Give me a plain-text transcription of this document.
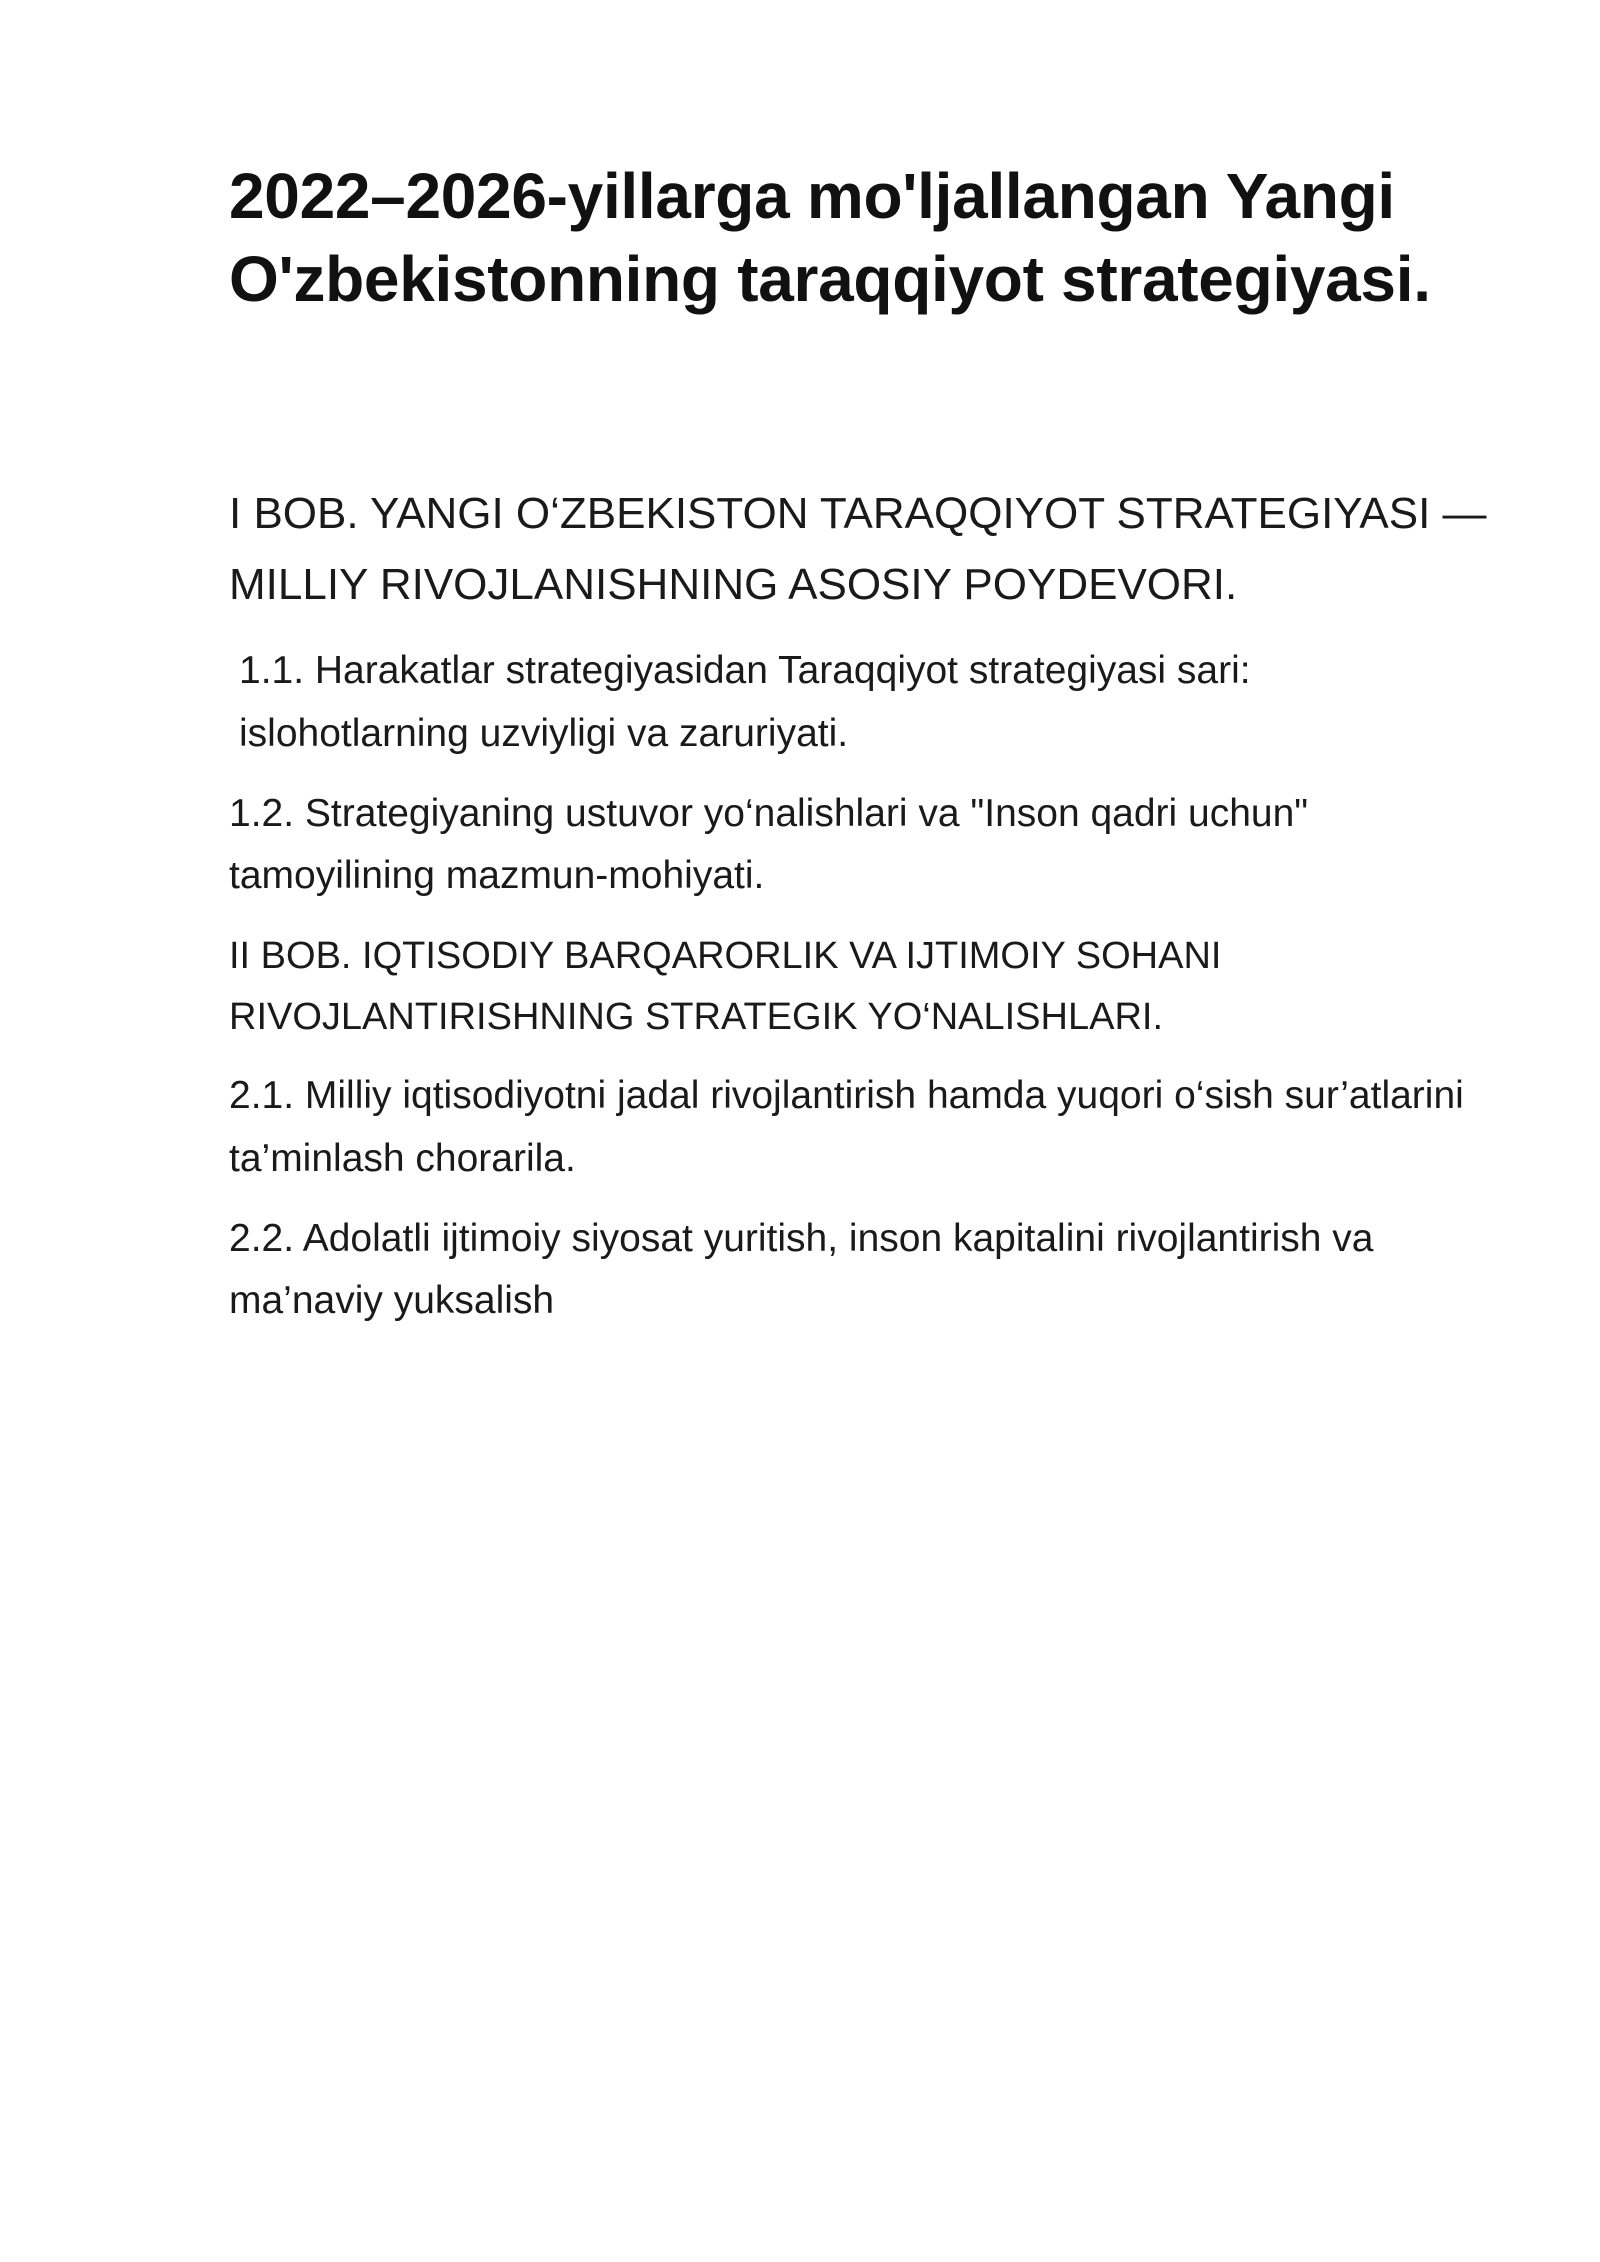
2022–2026-yillarga mo'ljallangan Yangi O'zbekistonning taraqqiyot strategiyasi.

I BOB. YANGI O‘ZBEKISTON TARAQQIYOT STRATEGIYASI — MILLIY RIVOJLANISHNING ASOSIY POYDEVORI.

1.1. Harakatlar strategiyasidan Taraqqiyot strategiyasi sari: islohotlarning uzviyligi va zaruriyati.

1.2. Strategiyaning ustuvor yo‘nalishlari va "Inson qadri uchun" tamoyilining mazmun-mohiyati.

II BOB. IQTISODIY BARQARORLIK VA IJTIMOIY SOHANI RIVOJLANTIRISHNING STRATEGIK YO‘NALISHLARI.

2.1. Milliy iqtisodiyotni jadal rivojlantirish hamda yuqori o‘sish sur’atlarini ta’minlash chorarila.

2.2. Adolatli ijtimoiy siyosat yuritish, inson kapitalini rivojlantirish va ma’naviy yuksalish
